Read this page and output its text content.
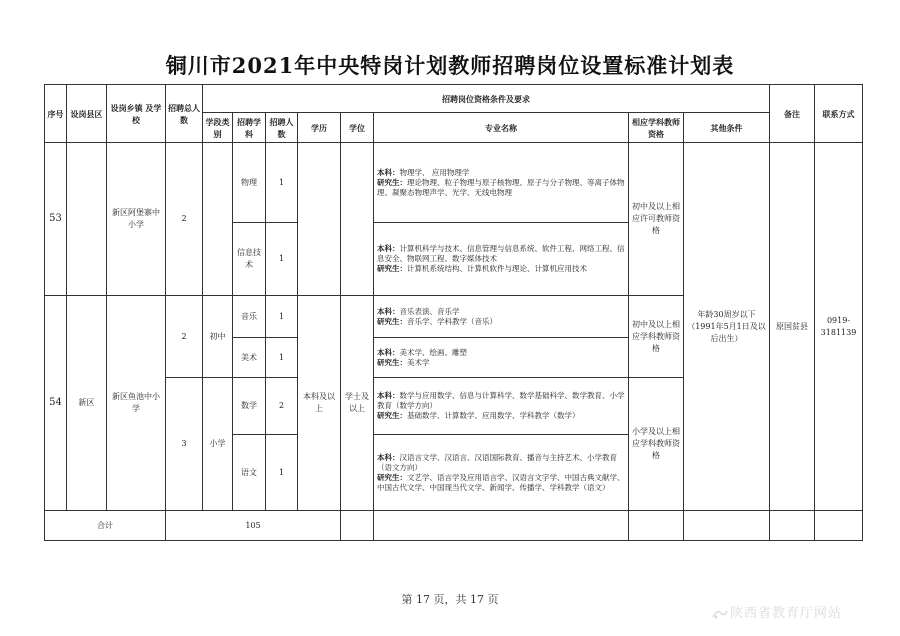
铜川市2021年中央特岗计划教师招聘岗位设置标准计划表
序号	设岗县区	设岗乡镇 及学校	招聘总人数	招聘岗位资格条件及要求								备注	联系方式
				学段类别	招聘学科	招聘人数	学历	学位	专业名称	相应学科教师资格	其他条件		
53		新区阿堡寨中小学	2		物理	1			本科：物理学、 应用物理学
研究生：理论物理、粒子物理与原子核物理、原子与分子物理、等离子体物理、凝聚态物理声学、光学、无线电物理	初中及以上相应许可教师资格	年龄30周岁以下（1991年5月1日及以后出生）	原国贫县	0919-3181139
					信息技术	1			本科：计算机科学与技术、信息管理与信息系统、软件工程、网络工程、信息安全、物联网工程、数字媒体技术
研究生：计算机系统结构、计算机软件与理论、计算机应用技术				
54	新区	新区鱼池中小学	2	初中	音乐	1	本科及以上	学士及以上	本科：音乐表演、音乐学
研究生：音乐学、学科教学（音乐）	初中及以上相应学科教师资格			
					美术	1			本科：美术学、绘画、雕塑
研究生：美术学				
			3	小学	数学	2			本科：数学与应用数学、信息与计算科学、数学基础科学、数学教育、小学教育（数学方向）
研究生：基础数学、计算数学、应用数学、学科教学（数学）	小学及以上相应学科教师资格			
					语文	1			本科：汉语言文学、汉语言、汉语国际教育、播音与主持艺术、小学教育（语文方向）
研究生：文艺学、语言学及应用语言学、汉语言文字学、中国古典文献学、中国古代文学、中国现当代文学、新闻学、传播学、学科教学（语文）				
合计			105										
第 17 页，共 17 页
陕西省教育厅网站
